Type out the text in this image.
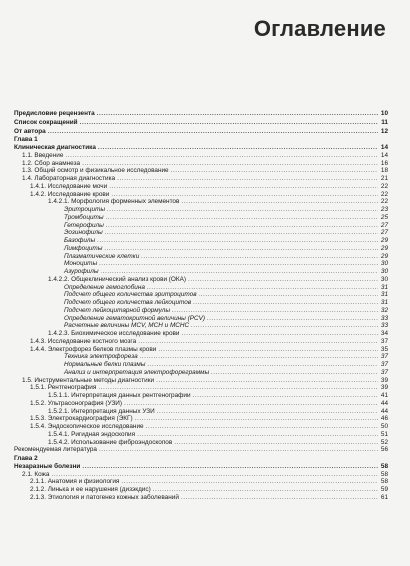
Оглавление
Предисловие рецензента . . .	10
Список сокращений . . .	11
От автора . . .	12
Глава 1
Клиническая диагностика . . .	14
1.1. Введение . . .	14
1.2. Сбор анамнеза . . .	16
1.3. Общий осмотр и физикальное исследование . . .	18
1.4. Лабораторная диагностика . . .	21
1.4.1. Исследование мочи . . .	22
1.4.2. Исследование крови . . .	22
1.4.2.1. Морфология форменных элементов . . .	22
Эритроциты . . .	23
Тромбоциты . . .	25
Гетерофилы . . .	27
Эозинофилы . . .	27
Базофилы . . .	29
Лимфоциты . . .	29
Плазматические клетки . . .	29
Моноциты . . .	30
Азурофилы . . .	30
1.4.2.2. Общеклинический анализ крови (ОКА) . . .	30
Определение гемоглобина . . .	31
Подсчет общего количества эритроцитов . . .	31
Подсчет общего количества лейкоцитов . . .	31
Подсчет лейкоцитарной формулы . . .	32
Определение гематокритной величины (PCV) . . .	33
Расчетные величины MCV, MCH и MCHC . . .	33
1.4.2.3. Биохимическое исследование крови . . .	34
1.4.3. Исследование костного мозга . . .	37
1.4.4. Электрофорез белков плазмы крови . . .	35
Техника электрофореза . . .	37
Нормальные белки плазмы . . .	37
Анализ и интерпретация электрофореграммы . . .	37
1.5. Инструментальные методы диагностики . . .	39
1.5.1. Рентгенография . . .	39
1.5.1.1. Интерпретация данных рентгенографии . . .	41
1.5.2. Ультрасонография (УЗИ) . . .	44
1.5.2.1. Интерпретация данных УЗИ . . .	44
1.5.3. Электрокардиография (ЭКГ) . . .	46
1.5.4. Эндоскопическое исследование . . .	50
1.5.4.1. Ригидная эндоскопия . . .	51
1.5.4.2. Использование фиброэндоскопов . . .	52
Рекомендуемая литература . . .	56
Глава 2
Незаразные болезни . . .	58
2.1. Кожа . . .	58
2.1.1. Анатомия и физиология . . .	58
2.1.2. Линька и ее нарушения (дизэкдис) . . .	59
2.1.3. Этиология и патогенез кожных заболеваний . . .	61
